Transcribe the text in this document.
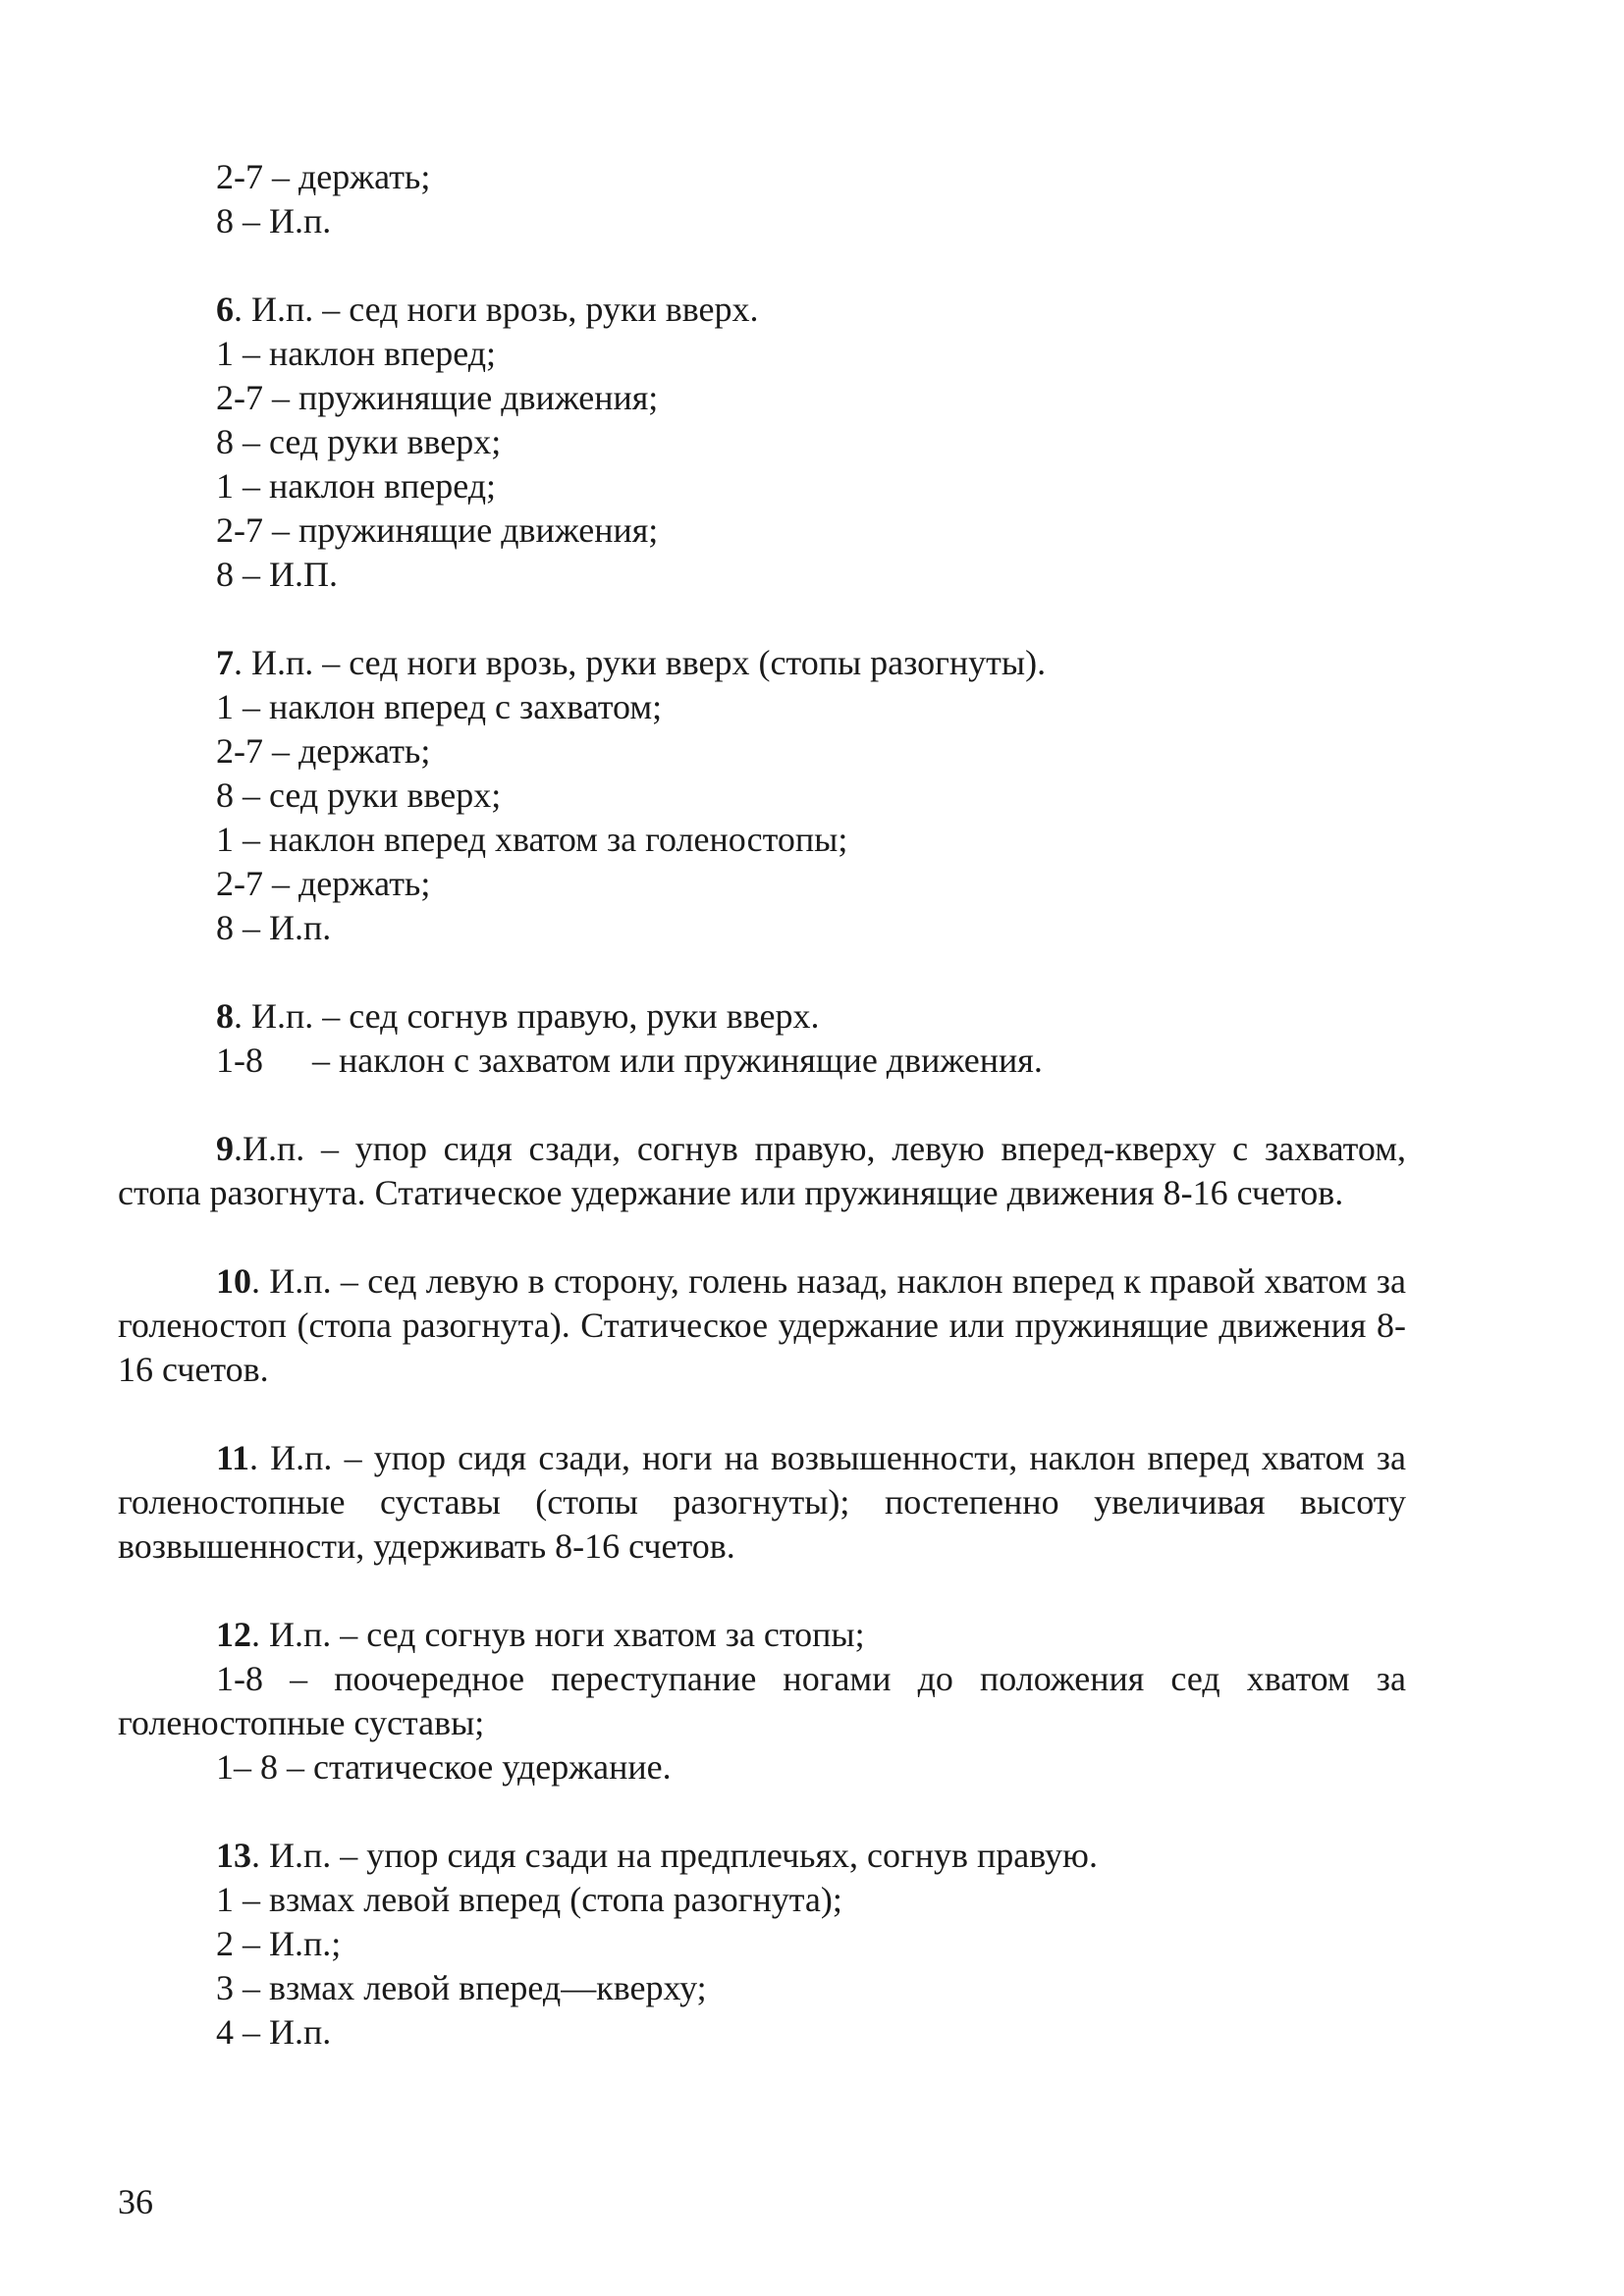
2-7 – держать;
8 – И.п.
6. И.п. – сед ноги врозь, руки вверх.
1 – наклон вперед;
2-7 – пружинящие движения;
8 – сед руки вверх;
1 – наклон вперед;
2-7 – пружинящие движения;
8 – И.П.
7. И.п. – сед ноги врозь, руки вверх (стопы разогнуты).
1 – наклон вперед с захватом;
2-7 – держать;
8 – сед руки вверх;
1 – наклон вперед хватом за голеностопы;
2-7 – держать;
8 – И.п.
8. И.п. – сед согнув правую, руки вверх.
1-8 – наклон с захватом или пружинящие движения.

9.И.п. – упор сидя сзади, согнув правую, левую вперед-кверху с захватом, стопа разогнута. Статическое удержание или пружинящие движения 8-16 счетов.

10. И.п. – сед левую в сторону, голень назад, наклон вперед к правой хватом за голеностоп (стопа разогнута). Статическое удержание или пружинящие движения 8-16 счетов.

11. И.п. – упор сидя сзади, ноги на возвышенности, наклон вперед хватом за голеностопные суставы (стопы разогнуты); постепенно увеличивая высоту возвышенности, удерживать 8-16 счетов.

12. И.п. – сед согнув ноги хватом за стопы;

1-8 – поочередное переступание ногами до положения сед хватом за голеностопные суставы;

1– 8 – статическое удержание.
13. И.п. – упор сидя сзади на предплечьях, согнув правую.
1 – взмах левой вперед (стопа разогнута);
2 – И.п.;
3 – взмах левой вперед—кверху;
4 – И.п.
36
